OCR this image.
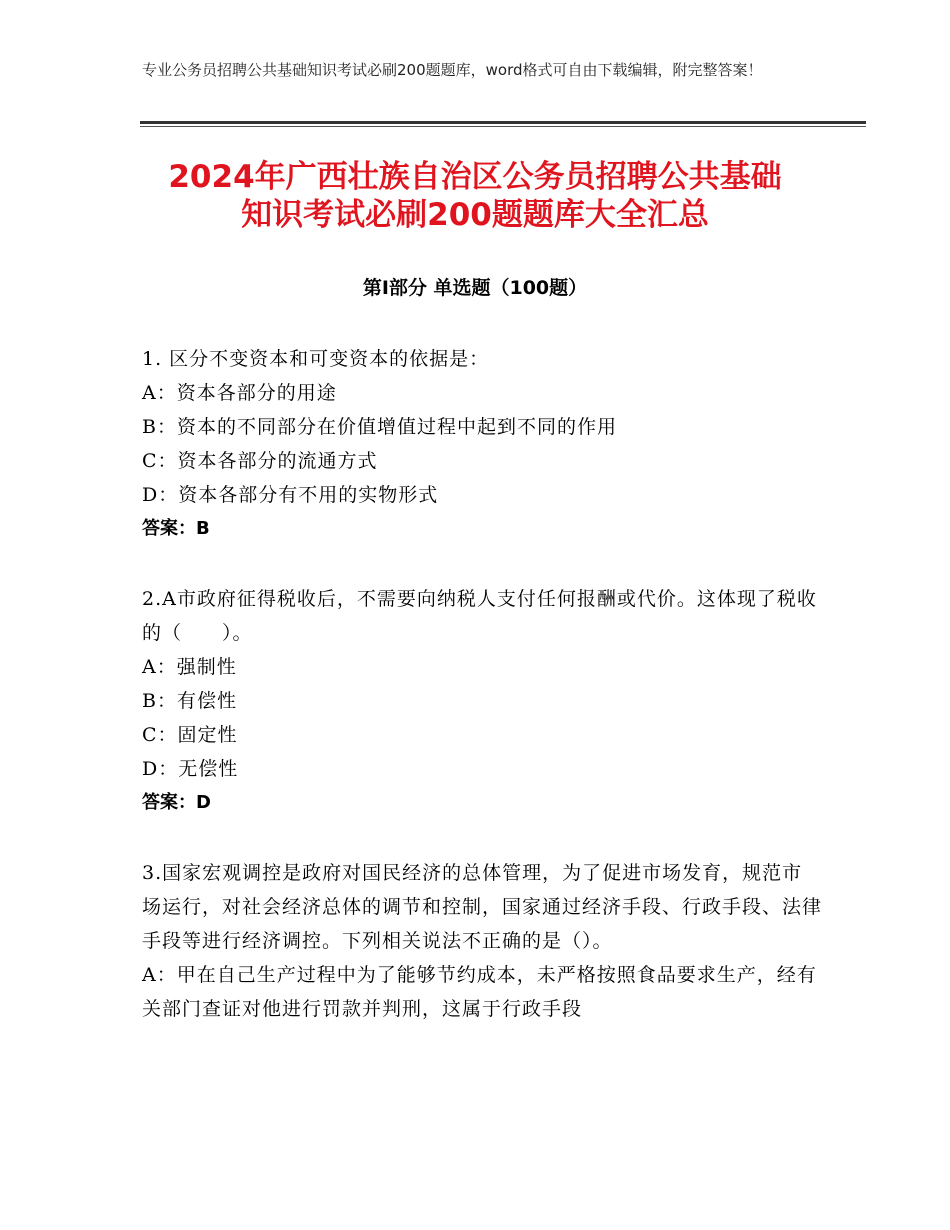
专业公务员招聘公共基础知识考试必刷200题题库，word格式可自由下载编辑，附完整答案！
2024年广西壮族自治区公务员招聘公共基础
知识考试必刷200题题库大全汇总
第Ⅰ部分 单选题（100题）
1. 区分不变资本和可变资本的依据是：
A：资本各部分的用途
B：资本的不同部分在价值增值过程中起到不同的作用
C：资本各部分的流通方式
D：资本各部分有不用的实物形式
答案：B
2.A市政府征得税收后，不需要向纳税人支付任何报酬或代价。这体现了税收的（　　）。
A：强制性
B：有偿性
C：固定性
D：无偿性
答案：D
3.国家宏观调控是政府对国民经济的总体管理，为了促进市场发育，规范市场运行，对社会经济总体的调节和控制，国家通过经济手段、行政手段、法律手段等进行经济调控。下列相关说法不正确的是（）。
A：甲在自己生产过程中为了能够节约成本，未严格按照食品要求生产，经有关部门查证对他进行罚款并判刑，这属于行政手段
